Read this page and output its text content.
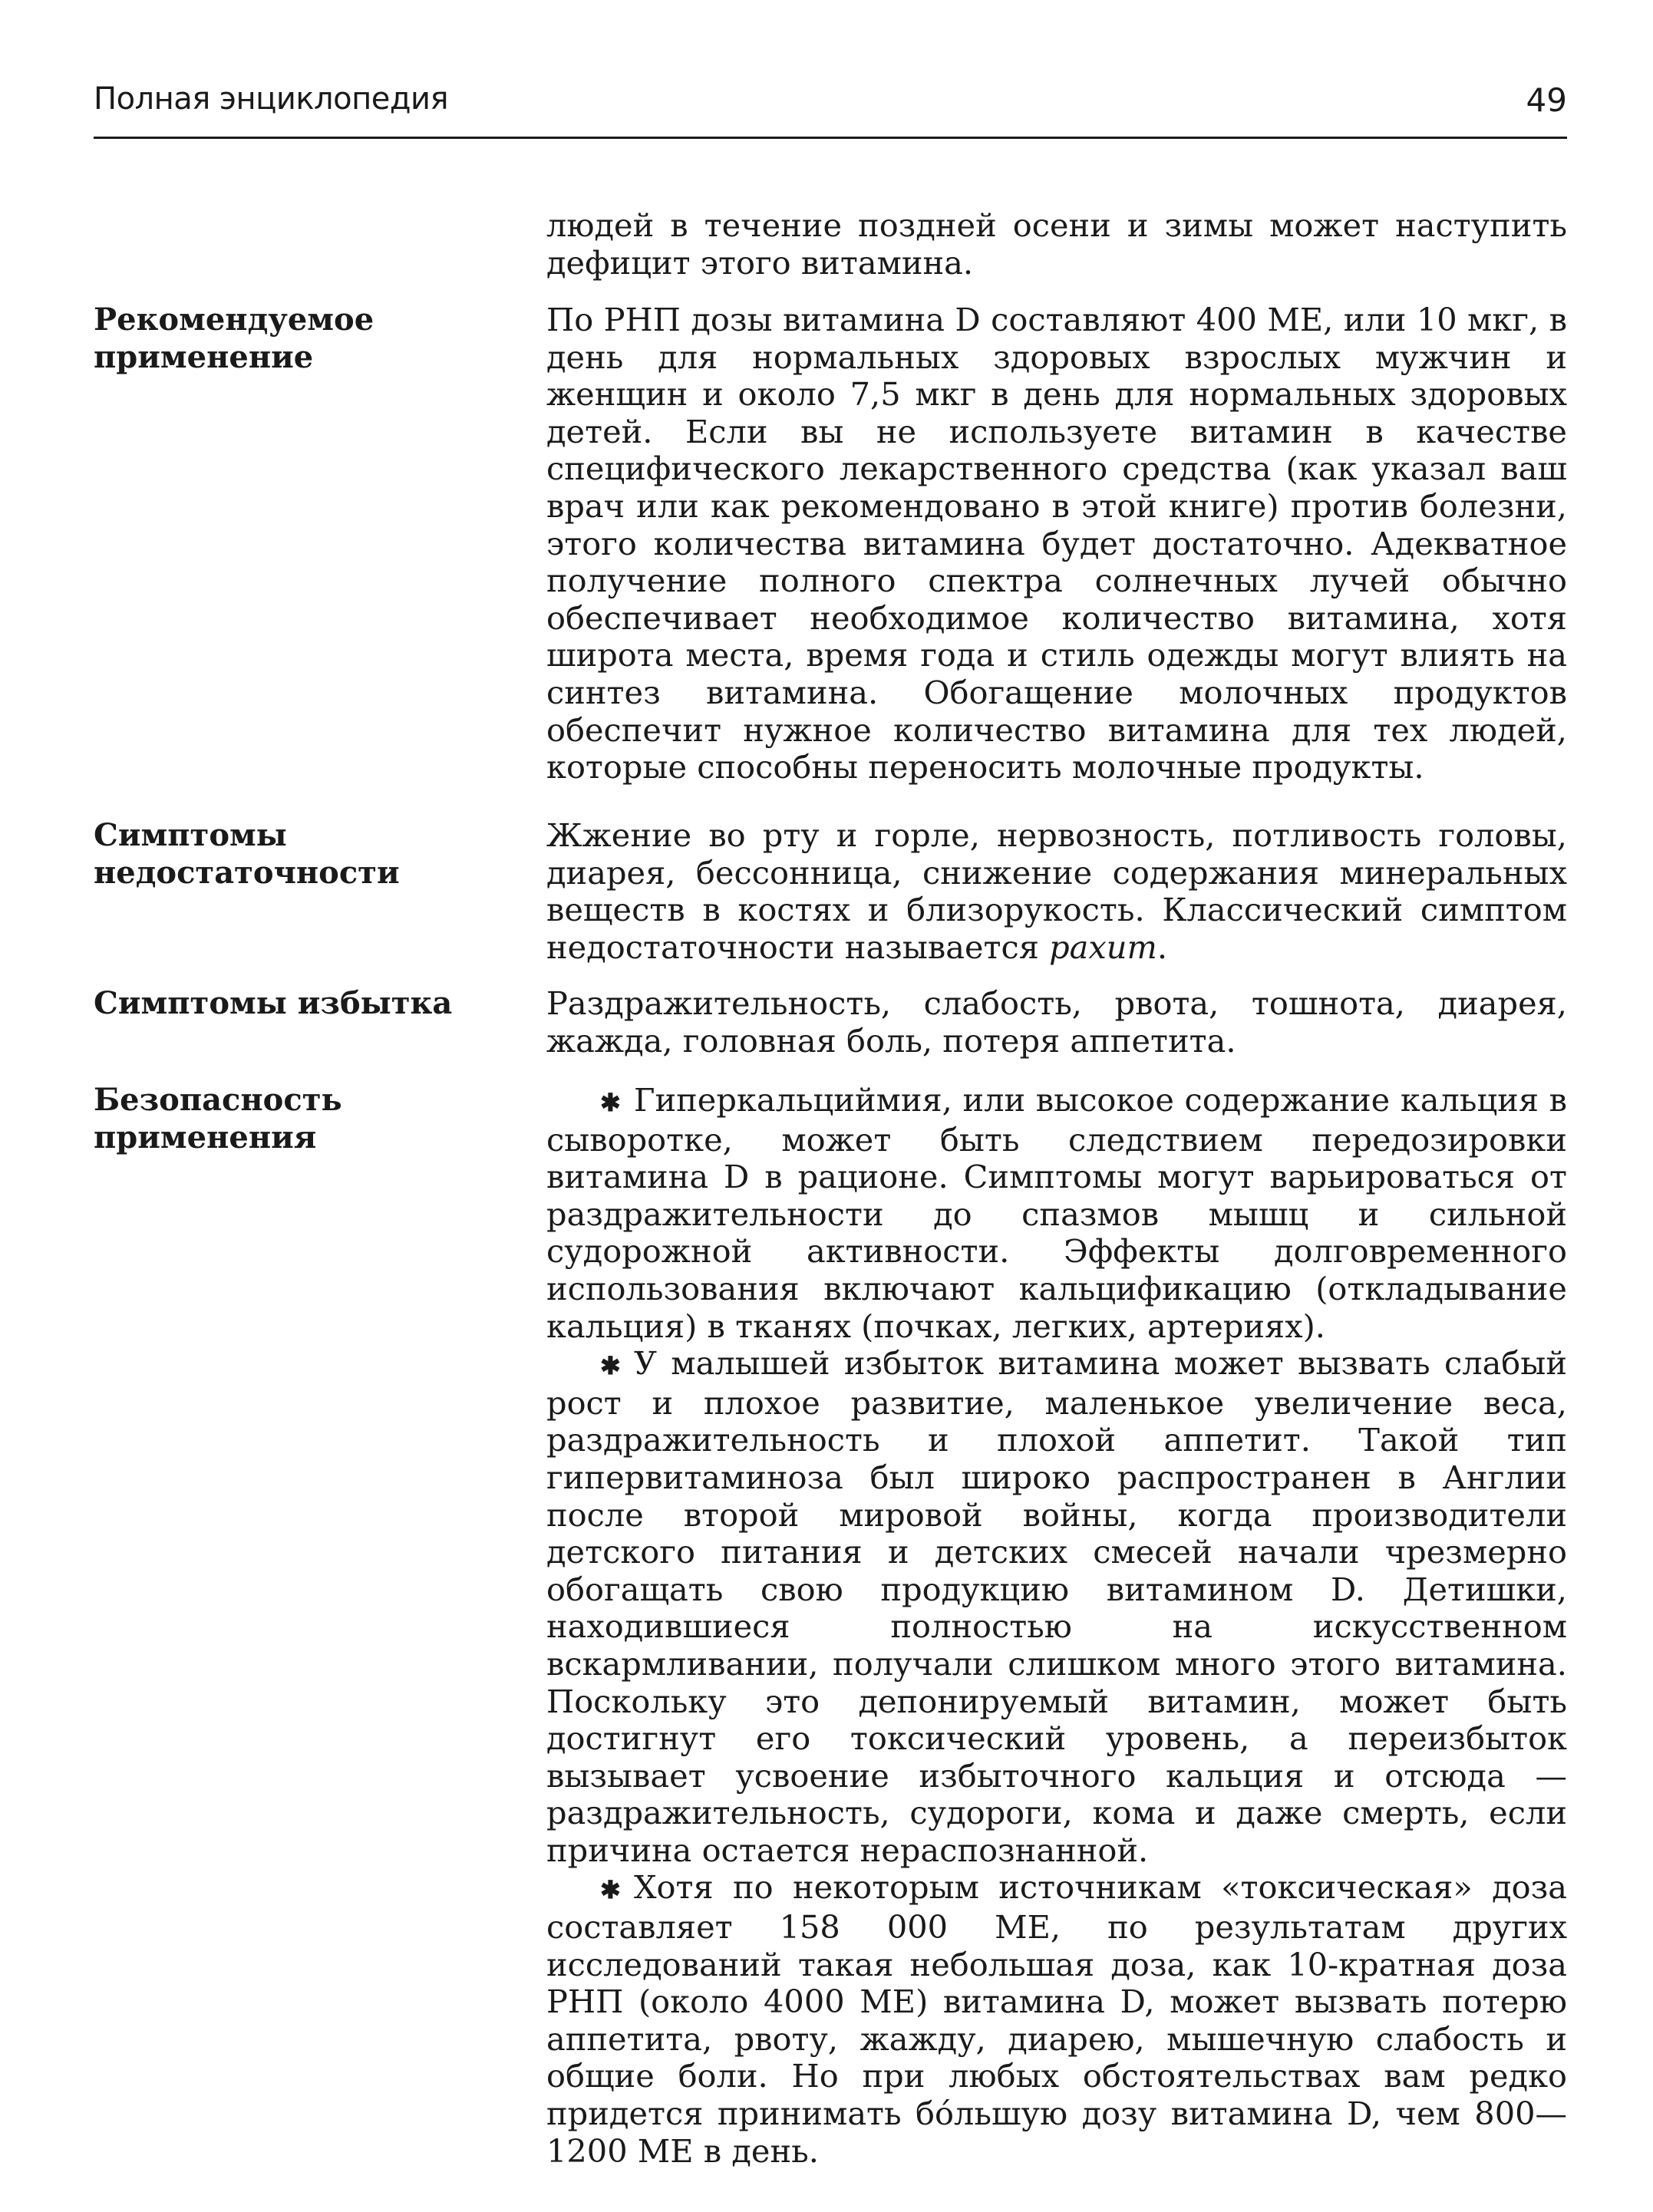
Полная энциклопедия	49

людей в течение поздней осени и зимы может наступить дефицит этого витамина.

Рекомендуемое применение

По РНП дозы витамина D составляют 400 МЕ, или 10 мкг, в день для нормальных здоровых взрослых мужчин и женщин и около 7,5 мкг в день для нормальных здоровых детей. Если вы не используете витамин в качестве специфического лекарственного средства (как указал ваш врач или как рекомендовано в этой книге) против болезни, этого количества витамина будет достаточно. Адекватное получение полного спектра солнечных лучей обычно обеспечивает необходимое количество витамина, хотя широта места, время года и стиль одежды могут влиять на синтез витамина. Обогащение молочных продуктов обеспечит нужное количество витамина для тех людей, которые способны переносить молочные продукты.

Симптомы недостаточности

Жжение во рту и горле, нервозность, потливость головы, диарея, бессонница, снижение содержания минеральных веществ в костях и близорукость. Классический симптом недостаточности называется рахит.

Симптомы избытка	Раздражительность, слабость, рвота, тошнота, диарея, жажда, головная боль, потеря аппетита.

Безопасность применения

✱ Гиперкальциймия, или высокое содержание кальция в сыворотке, может быть следствием передозировки витамина D в рационе. Симптомы могут варьироваться от раздражительности до спазмов мышц и сильной судорожной активности. Эффекты долговременного использования включают кальцификацию (откладывание кальция) в тканях (почках, легких, артериях).

✱ У малышей избыток витамина может вызвать слабый рост и плохое развитие, маленькое увеличение веса, раздражительность и плохой аппетит. Такой тип гипервитаминоза был широко распространен в Англии после второй мировой войны, когда производители детского питания и детских смесей начали чрезмерно обогащать свою продукцию витамином D. Детишки, находившиеся полностью на искусственном вскармливании, получали слишком много этого витамина. Поскольку это депонируемый витамин, может быть достигнут его токсический уровень, а переизбыток вызывает усвоение избыточного кальция и отсюда — раздражительность, судороги, кома и даже смерть, если причина остается нераспознанной.

✱ Хотя по некоторым источникам «токсическая» доза составляет 158 000 МЕ, по результатам других исследований такая небольшая доза, как 10-кратная доза РНП (около 4000 МЕ) витамина D, может вызвать потерю аппетита, рвоту, жажду, диарею, мышечную слабость и общие боли. Но при любых обстоятельствах вам редко придется принимать бóльшую дозу витамина D, чем 800—1200 МЕ в день.
